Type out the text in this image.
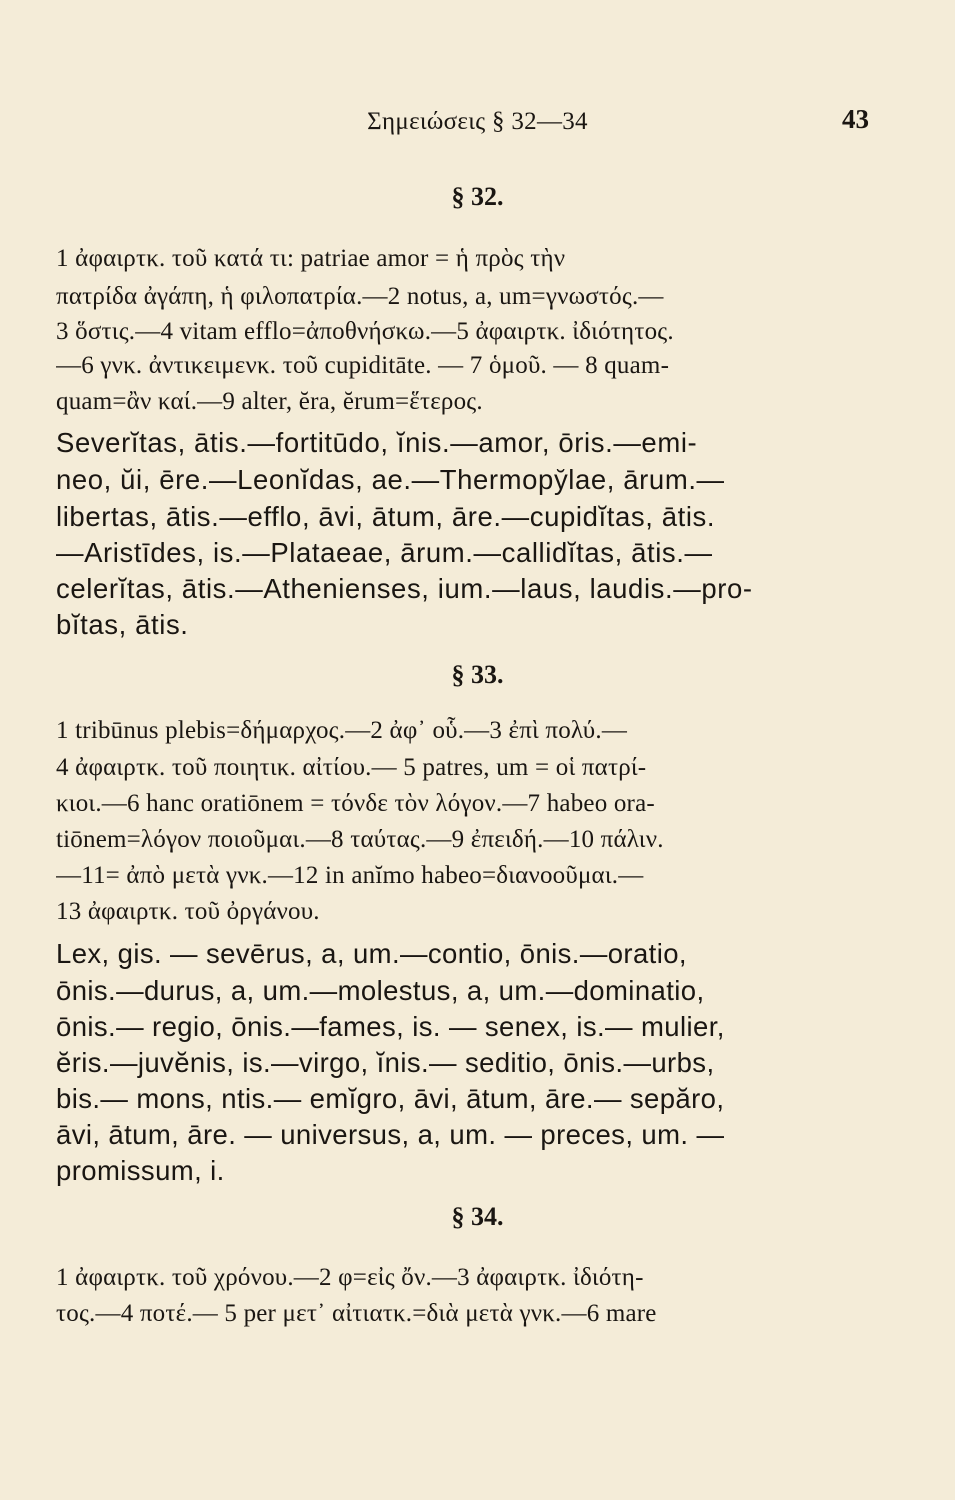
Σημειώσεις § 32—34	43
§ 32.
1 ἀφαιρτκ. τοῦ κατά τι: patriae amor = ἡ πρὸς τὴν
πατρίδα ἀγάπη, ἡ φιλοπατρία.—2 notus, a, um=γνωστός.—
3 ὅστις.—4 vitam efflo=ἀποθνήσκω.—5 ἀφαιρτκ. ἰδιότητος.
—6 γνκ. ἀντικειμενκ. τοῦ cupiditāte. — 7 ὁμοῦ. — 8 quam-
quam=ἂν καί.—9 alter, ĕra, ĕrum=ἕτερος.
Severĭtas, ātis.—fortitūdo, ĭnis.—amor, ōris.—emi-
neo, ŭi, ēre.—Leonĭdas, ae.—Thermopy̆lae, ārum.—
libertas, ātis.—efflo, āvi, ātum, āre.—cupidĭtas, ātis.
—Aristīdes, is.—Plataeae, ārum.—callidĭtas, ātis.—
celerĭtas, ātis.—Athenienses, ium.—laus, laudis.—pro-
bĭtas, ātis.
§ 33.
1 tribūnus plebis=δήμαρχος.—2 ἀφ᾽ οὗ.—3 ἐπὶ πολύ.—
4 ἀφαιρτκ. τοῦ ποιητικ. αἰτίου.— 5 patres, um = οἱ πατρί-
κιοι.—6 hanc oratiōnem = τόνδε τὸν λόγον.—7 habeo ora-
tiōnem=λόγον ποιοῦμαι.—8 ταύτας.—9 ἐπειδή.—10 πάλιν.
—11= ἀπὸ μετὰ γνκ.—12 in anĭmo habeo=διανοοῦμαι.—
13 ἀφαιρτκ. τοῦ ὀργάνου.
Lex, gis. — sevērus, a, um.—contio, ōnis.—oratio,
ōnis.—durus, a, um.—molestus, a, um.—dominatio,
ōnis.— regio, ōnis.—fames, is. — senex, is.— mulier,
ĕris.—juvĕnis, is.—virgo, ĭnis.— seditio, ōnis.—urbs,
bis.— mons, ntis.— emĭgro, āvi, ātum, āre.— sepăro,
āvi, ātum, āre. — universus, a, um. — preces, um. —
promissum, i.
§ 34.
1 ἀφαιρτκ. τοῦ χρόνου.—2 φ=εἰς ὄν.—3 ἀφαιρτκ. ἰδιότη-
τος.—4 ποτέ.— 5 per μετ᾽ αἰτιατκ.=διὰ μετὰ γνκ.—6 mare
